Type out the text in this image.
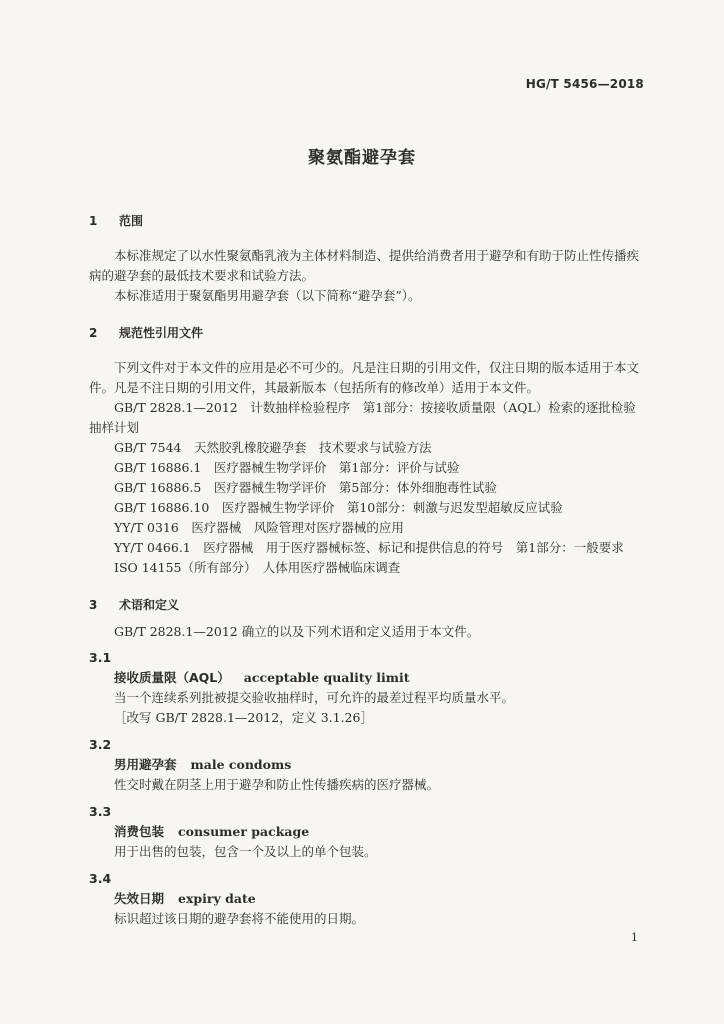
HG/T 5456—2018
聚氨酯避孕套
1 范围
本标准规定了以水性聚氨酯乳液为主体材料制造、提供给消费者用于避孕和有助于防止性传播疾
病的避孕套的最低技术要求和试验方法。
本标准适用于聚氨酯男用避孕套（以下简称“避孕套”）。
2 规范性引用文件
下列文件对于本文件的应用是必不可少的。凡是注日期的引用文件，仅注日期的版本适用于本文
件。凡是不注日期的引用文件，其最新版本（包括所有的修改单）适用于本文件。
GB/T 2828.1—2012　计数抽样检验程序　第1部分：按接收质量限（AQL）检索的逐批检验
抽样计划
GB/T 7544　天然胶乳橡胶避孕套　技术要求与试验方法
GB/T 16886.1　医疗器械生物学评价　第1部分：评价与试验
GB/T 16886.5　医疗器械生物学评价　第5部分：体外细胞毒性试验
GB/T 16886.10　医疗器械生物学评价　第10部分：刺激与迟发型超敏反应试验
YY/T 0316　医疗器械　风险管理对医疗器械的应用
YY/T 0466.1　医疗器械　用于医疗器械标签、标记和提供信息的符号　第1部分：一般要求
ISO 14155（所有部分）　人体用医疗器械临床调查
3 术语和定义
GB/T 2828.1—2012 确立的以及下列术语和定义适用于本文件。
3.1
接收质量限（AQL） acceptable quality limit
当一个连续系列批被提交验收抽样时，可允许的最差过程平均质量水平。
［改写 GB/T 2828.1—2012，定义 3.1.26］
3.2
男用避孕套 male condoms
性交时戴在阴茎上用于避孕和防止性传播疾病的医疗器械。
3.3
消费包装 consumer package
用于出售的包装，包含一个及以上的单个包装。
3.4
失效日期 expiry date
标识超过该日期的避孕套将不能使用的日期。
1
